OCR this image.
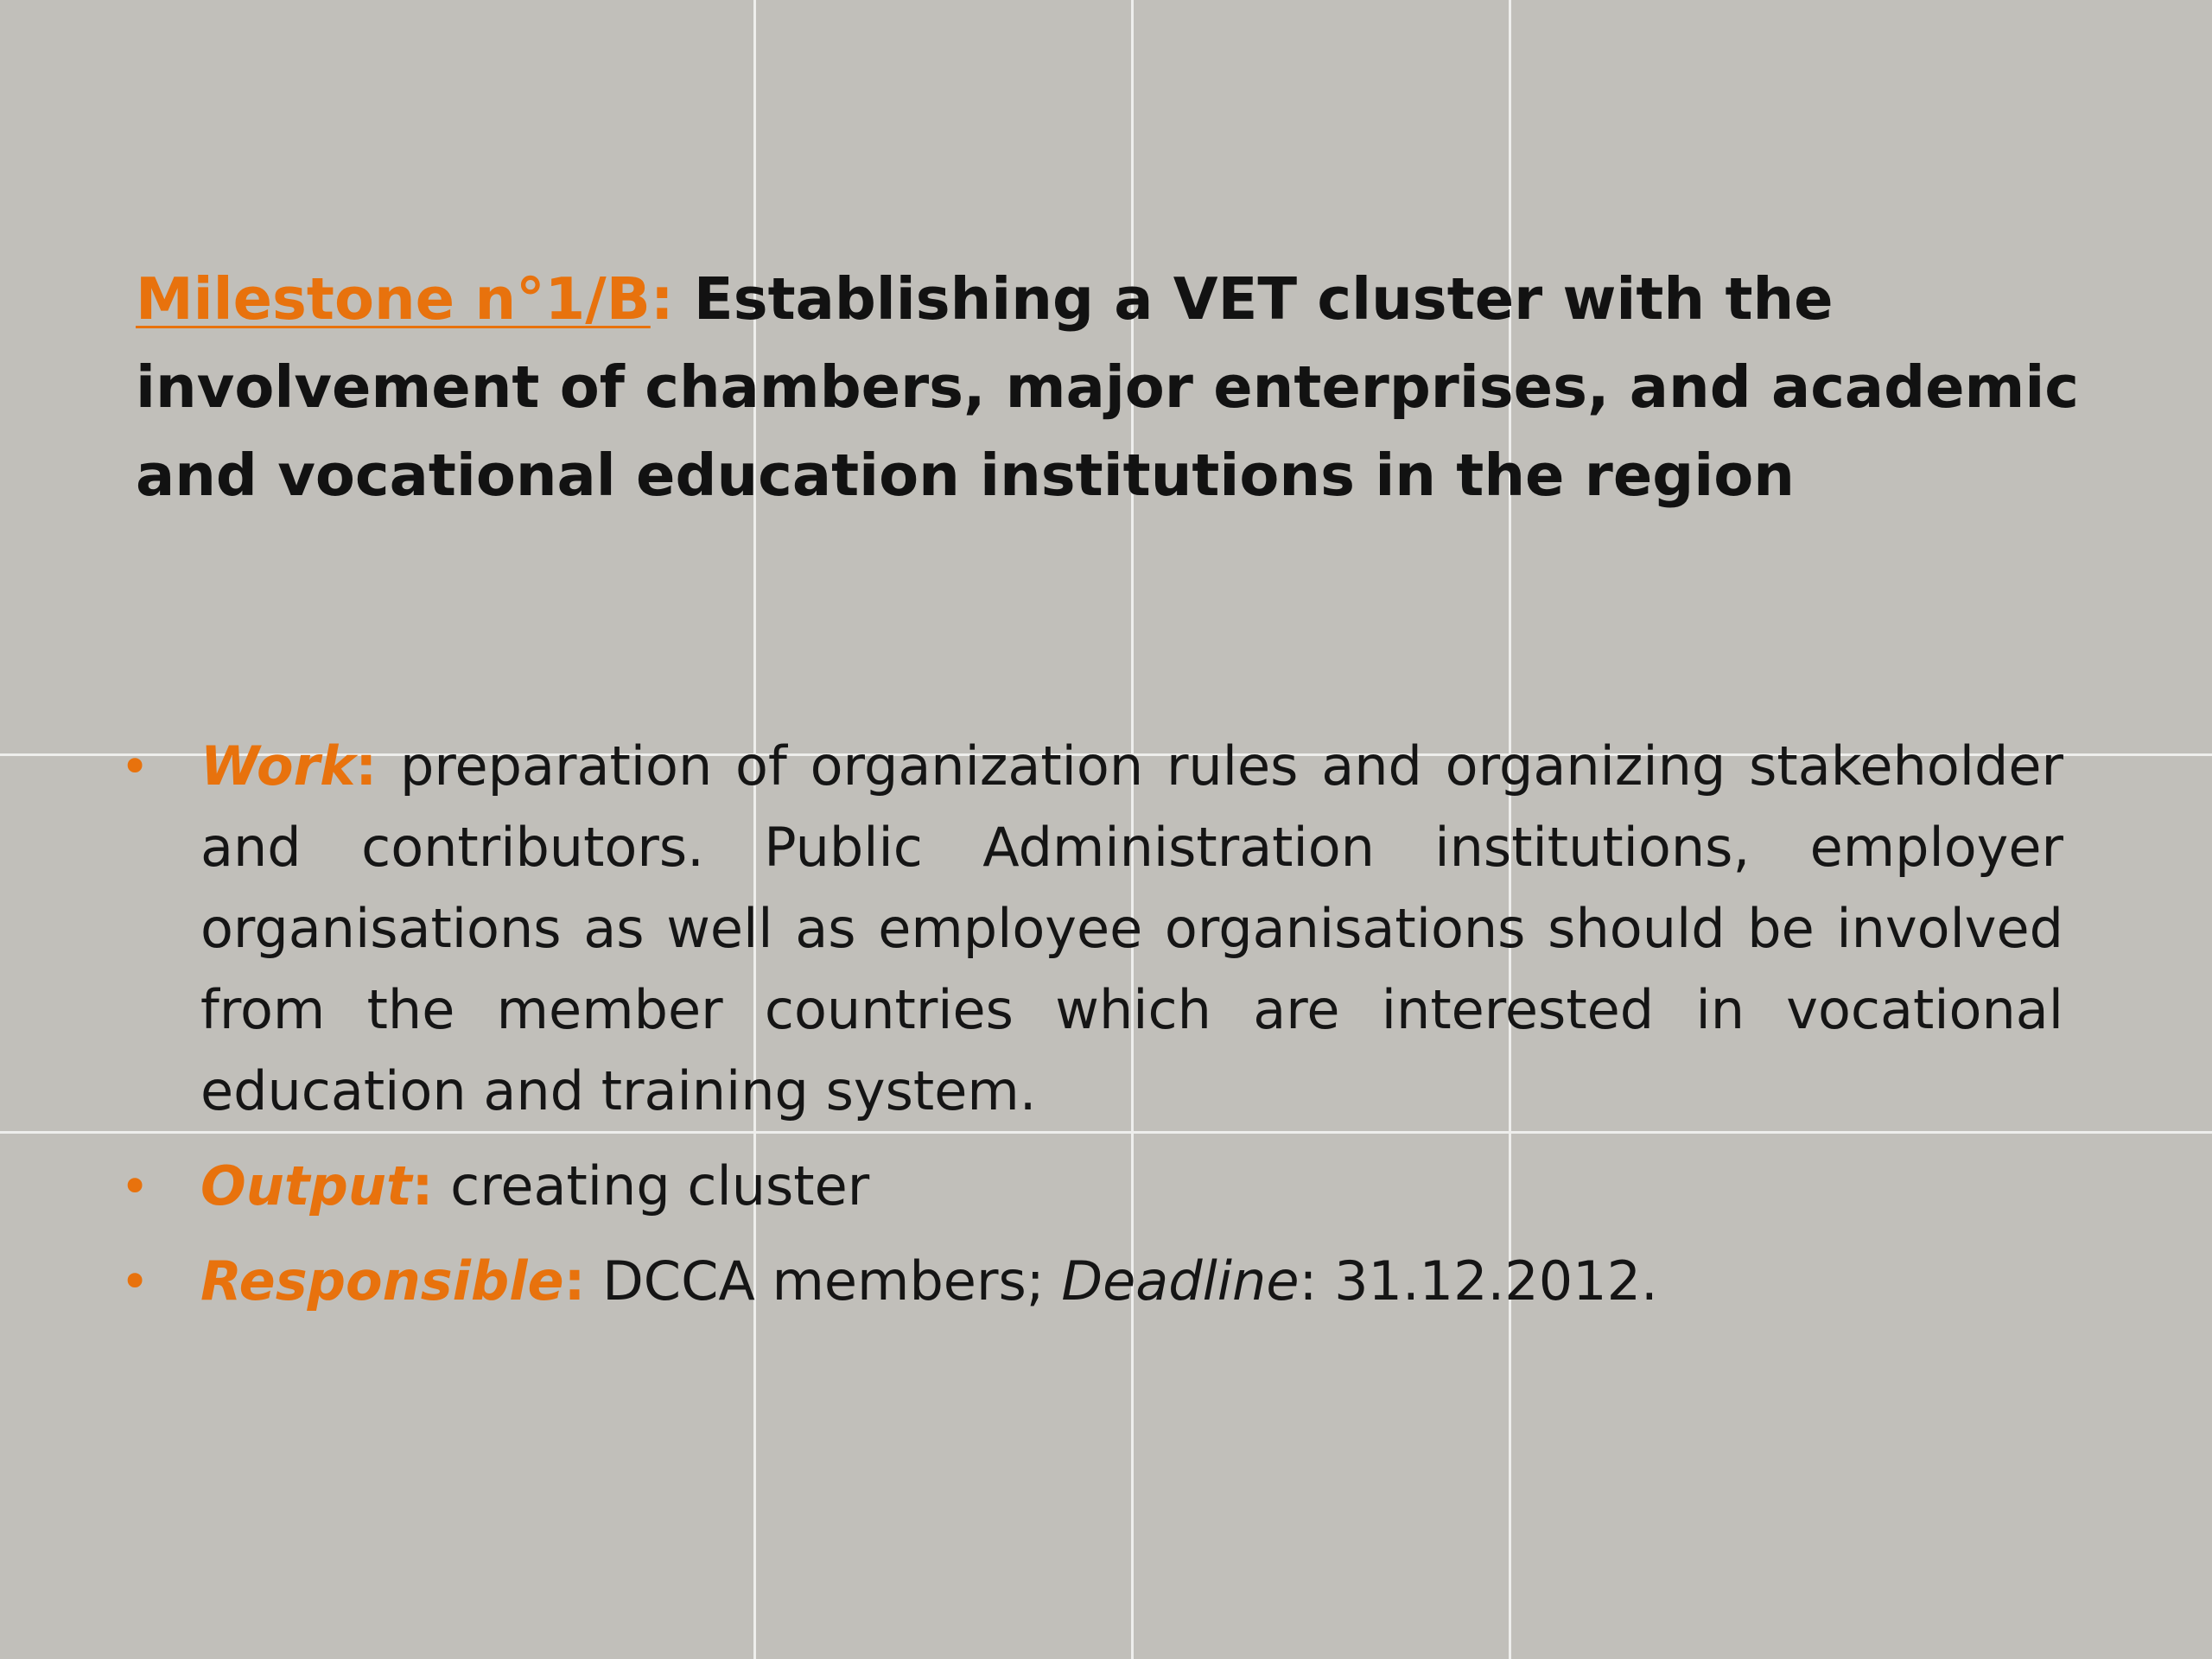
Milestone n°1/B: Establishing a VET cluster with the involvement of chambers, major enterprises, and academic and vocational education institutions in the region
• Work: preparation of organization rules and organizing stakeholder and contributors. Public Administration institutions, employer organisations as well as employee organisations should be involved from the member countries which are interested in vocational education and training system.
• Output: creating cluster
• Responsible: DCCA members; Deadline: 31.12.2012.
